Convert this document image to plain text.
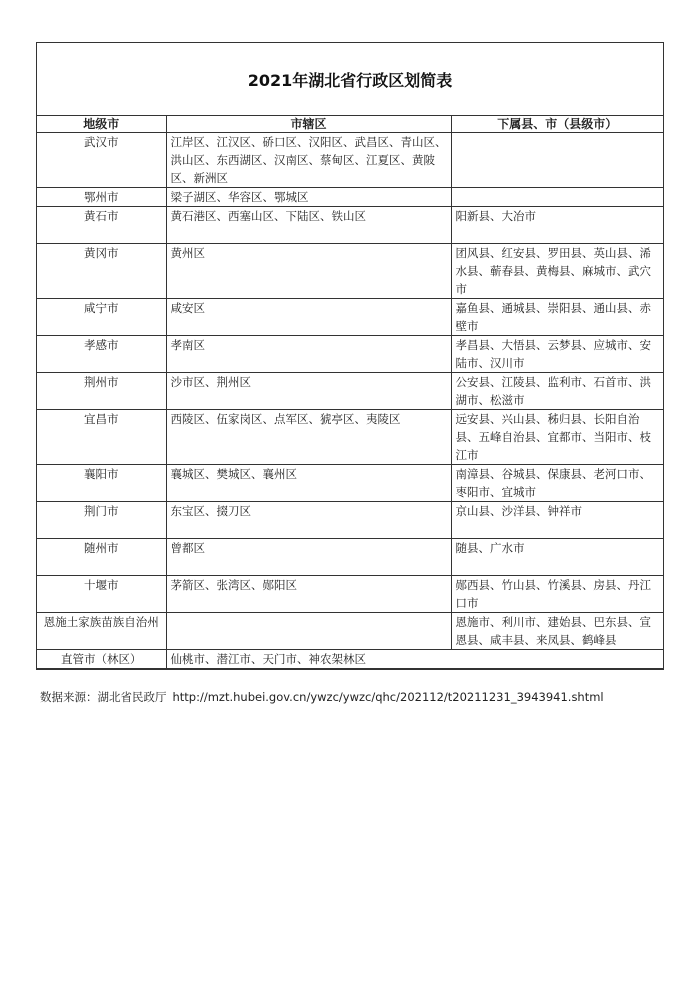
2021年湖北省行政区划简表
地级市	市辖区	下属县、市（县级市）
武汉市	江岸区、江汉区、硚口区、汉阳区、武昌区、青山区、洪山区、东西湖区、汉南区、蔡甸区、江夏区、黄陂区、新洲区	
鄂州市	梁子湖区、华容区、鄂城区	
黄石市	黄石港区、西塞山区、下陆区、铁山区	阳新县、大冶市
黄冈市	黄州区	团风县、红安县、罗田县、英山县、浠水县、蕲春县、黄梅县、麻城市、武穴市
咸宁市	咸安区	嘉鱼县、通城县、崇阳县、通山县、赤壁市
孝感市	孝南区	孝昌县、大悟县、云梦县、应城市、安陆市、汉川市
荆州市	沙市区、荆州区	公安县、江陵县、监利市、石首市、洪湖市、松滋市
宜昌市	西陵区、伍家岗区、点军区、猇亭区、夷陵区	远安县、兴山县、秭归县、长阳自治县、五峰自治县、宜都市、当阳市、枝江市
襄阳市	襄城区、樊城区、襄州区	南漳县、谷城县、保康县、老河口市、枣阳市、宜城市
荆门市	东宝区、掇刀区	京山县、沙洋县、钟祥市
随州市	曾都区	随县、广水市
十堰市	茅箭区、张湾区、郧阳区	郧西县、竹山县、竹溪县、房县、丹江口市
恩施土家族苗族自治州		恩施市、利川市、建始县、巴东县、宣恩县、咸丰县、来凤县、鹤峰县
直管市（林区）	仙桃市、潜江市、天门市、神农架林区	
数据来源：湖北省民政厅 http://mzt.hubei.gov.cn/ywzc/ywzc/qhc/202112/t20211231_3943941.shtml
